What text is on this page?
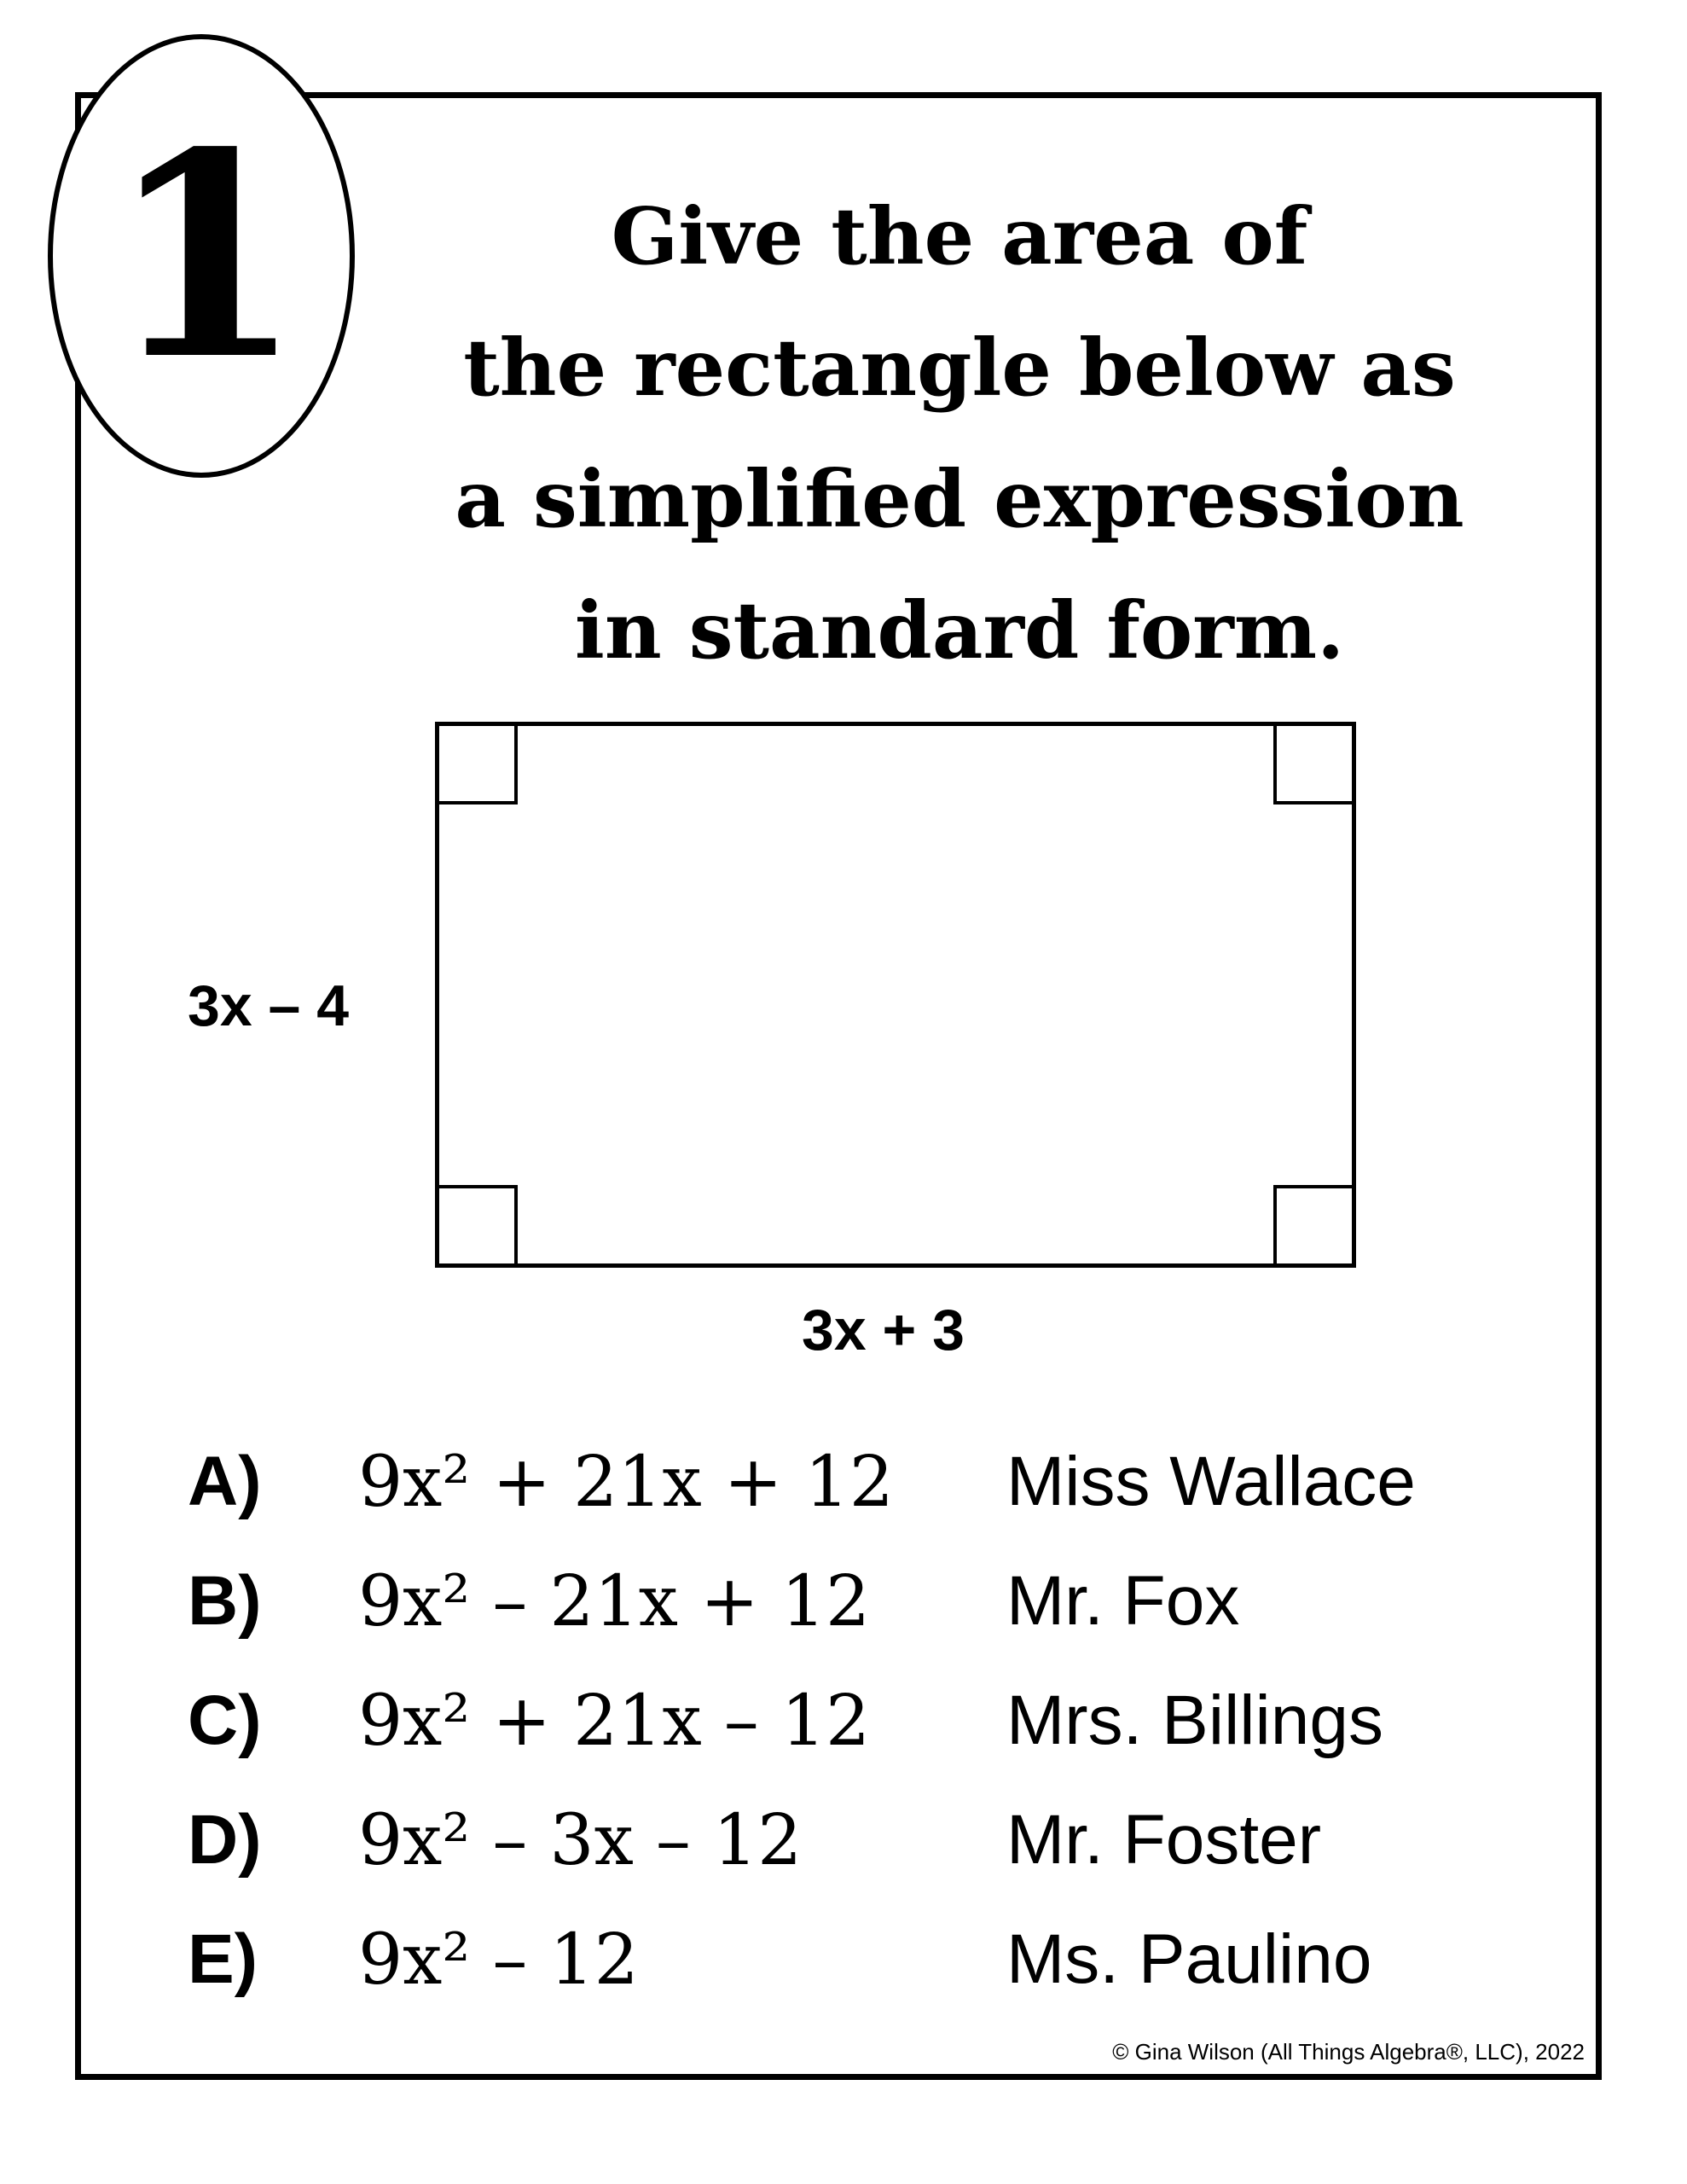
1	Give the area of
the rectangle below as
a simplified expression
in standard form.
3x – 4
3x + 3
A) 9x² + 21x + 12 Miss Wallace
B) 9x² – 21x + 12 Mr. Fox
C) 9x² + 21x – 12 Mrs. Billings
D) 9x² – 3x – 12	Mr. Foster
E) 9x² – 12	Ms. Paulino
© Gina Wilson (All Things Algebra®, LLC), 2022
